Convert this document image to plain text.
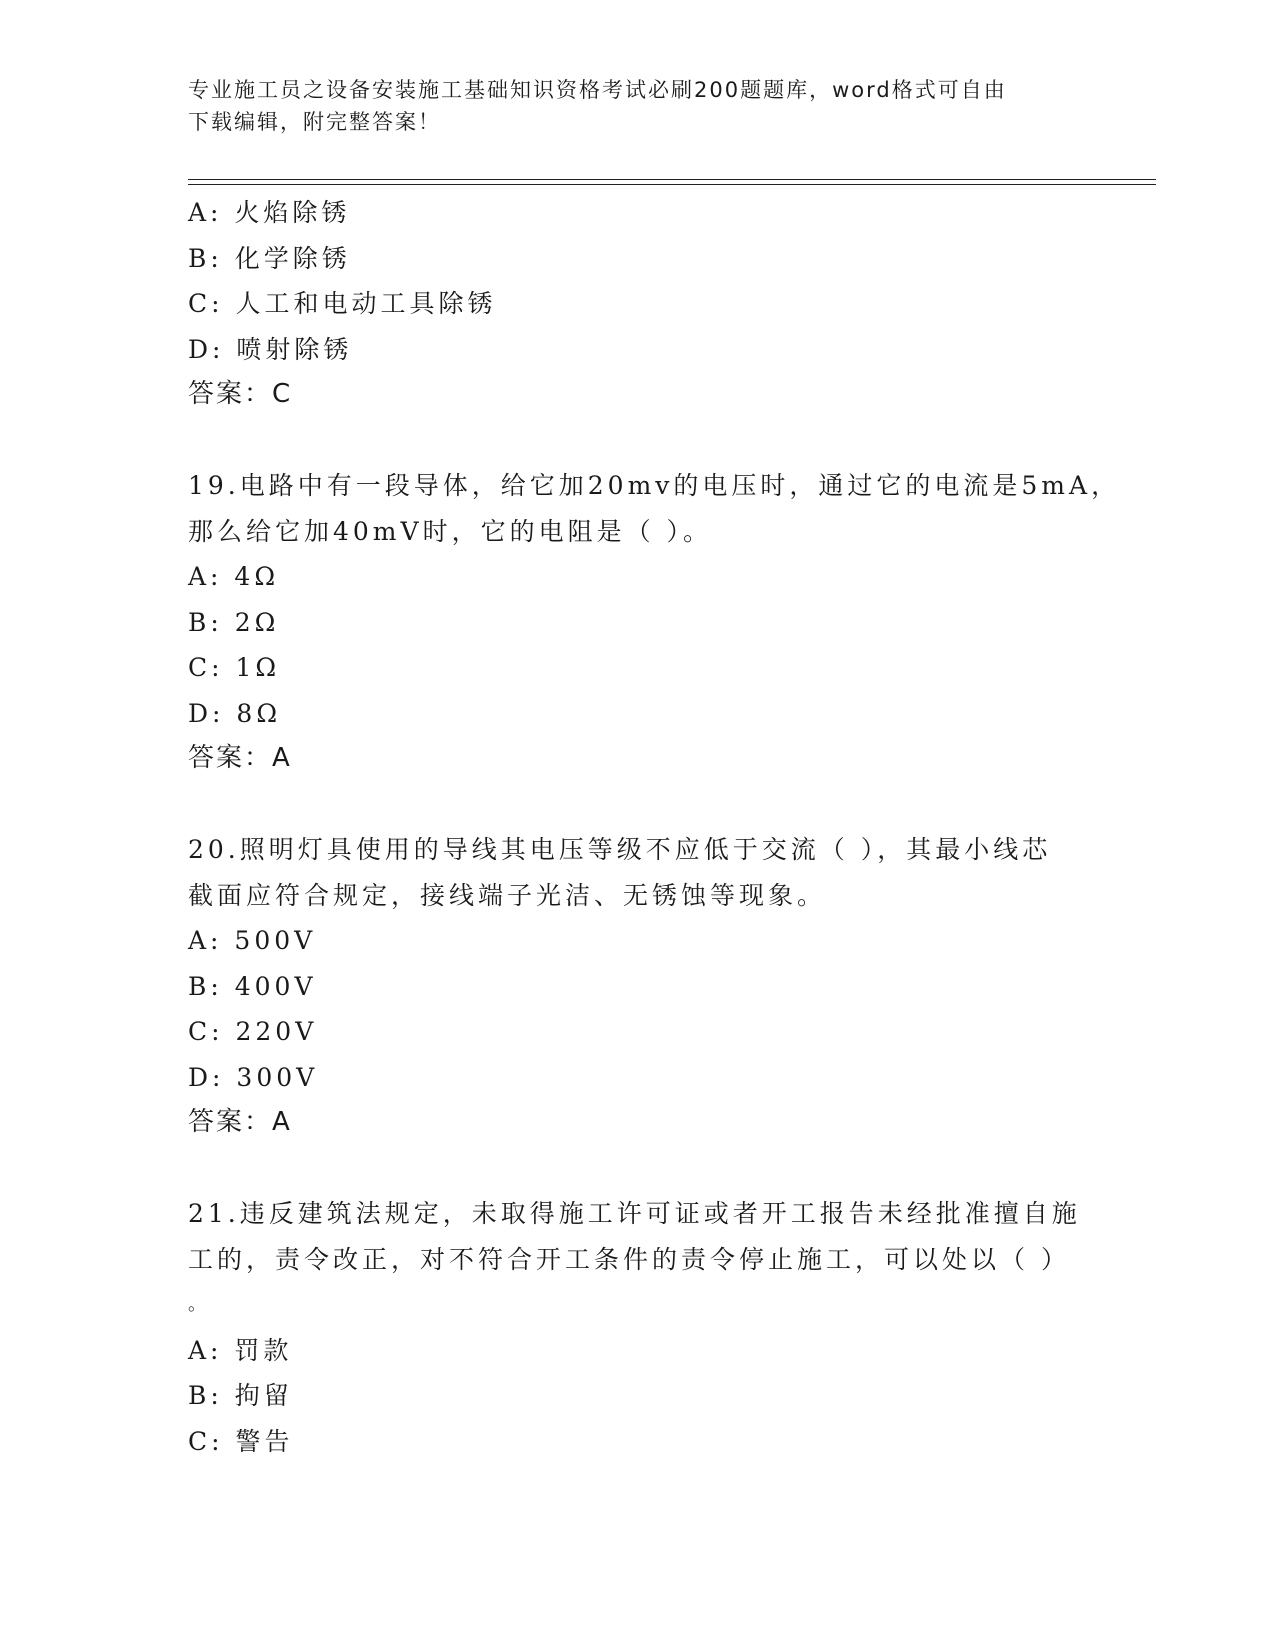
专业施工员之设备安装施工基础知识资格考试必刷200题题库，word格式可自由
下载编辑，附完整答案！
A: 火焰除锈
B: 化学除锈
C: 人工和电动工具除锈
D: 喷射除锈
答案：C
19.电路中有一段导体，给它加20mv的电压时，通过它的电流是5mA，
那么给它加40mV时，它的电阻是（ ）。
A: 4Ω
B: 2Ω
C: 1Ω
D: 8Ω
答案：A
20.照明灯具使用的导线其电压等级不应低于交流（ ），其最小线芯
截面应符合规定，接线端子光洁、无锈蚀等现象。
A: 500V
B: 400V
C: 220V
D: 300V
答案：A
21.违反建筑法规定，未取得施工许可证或者开工报告未经批准擅自施
工的，责令改正，对不符合开工条件的责令停止施工，可以处以（ ）
。
A: 罚款
B: 拘留
C: 警告
